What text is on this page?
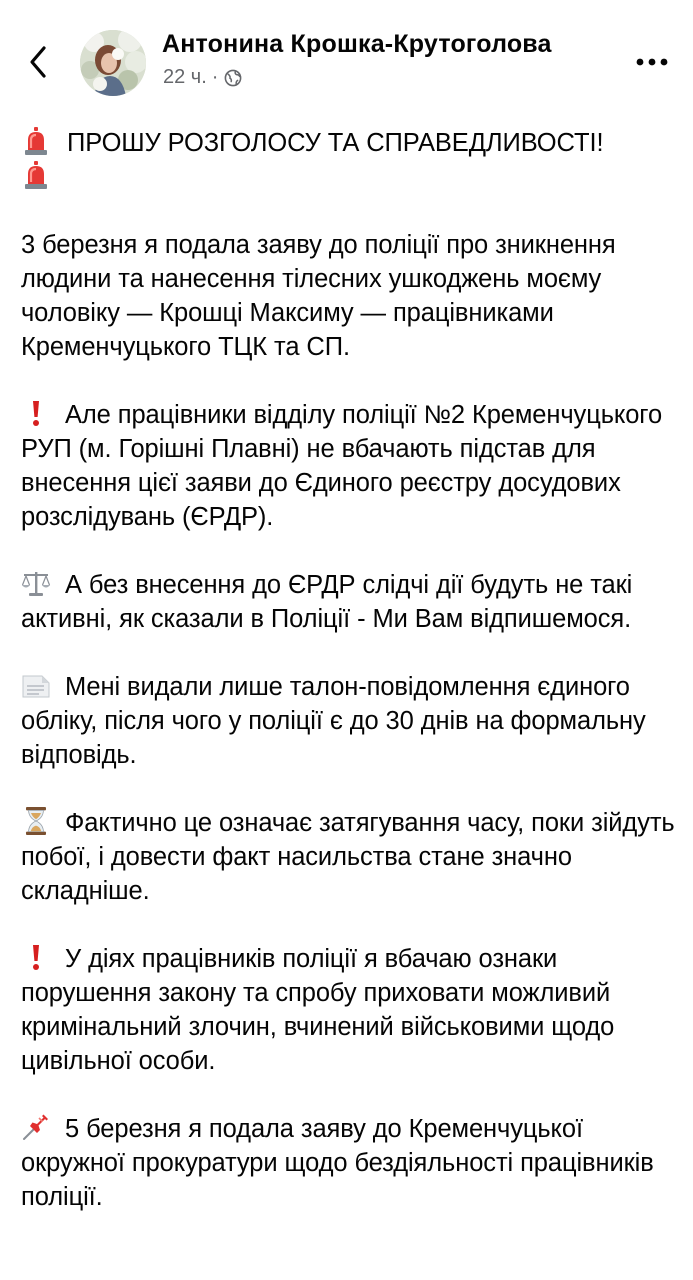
Антонина Крошка-Крутоголова
22 ч. ·

ПРОШУ РОЗГОЛОСУ ТА СПРАВЕДЛИВОСТІ!

3 березня я подала заяву до поліції про зникнення людини та нанесення тілесних ушкоджень моєму чоловіку — Крошці Максиму — працівниками Кременчуцького ТЦК та СП.

Але працівники відділу поліції №2 Кременчуцького РУП (м. Горішні Плавні) не вбачають підстав для внесення цієї заяви до Єдиного реєстру досудових розслідувань (ЄРДР).

А без внесення до ЄРДР слідчі дії будуть не такі активні, як сказали в Поліції - Ми Вам відпишемося.

Мені видали лише талон-повідомлення єдиного обліку, після чого у поліції є до 30 днів на формальну відповідь.

Фактично це означає затягування часу, поки зійдуть побої, і довести факт насильства стане значно складніше.

У діях працівників поліції я вбачаю ознаки порушення закону та спробу приховати можливий кримінальний злочин, вчинений військовими щодо цивільної особи.

5 березня я подала заяву до Кременчуцької окружної прокуратури щодо бездіяльності працівників поліції.
